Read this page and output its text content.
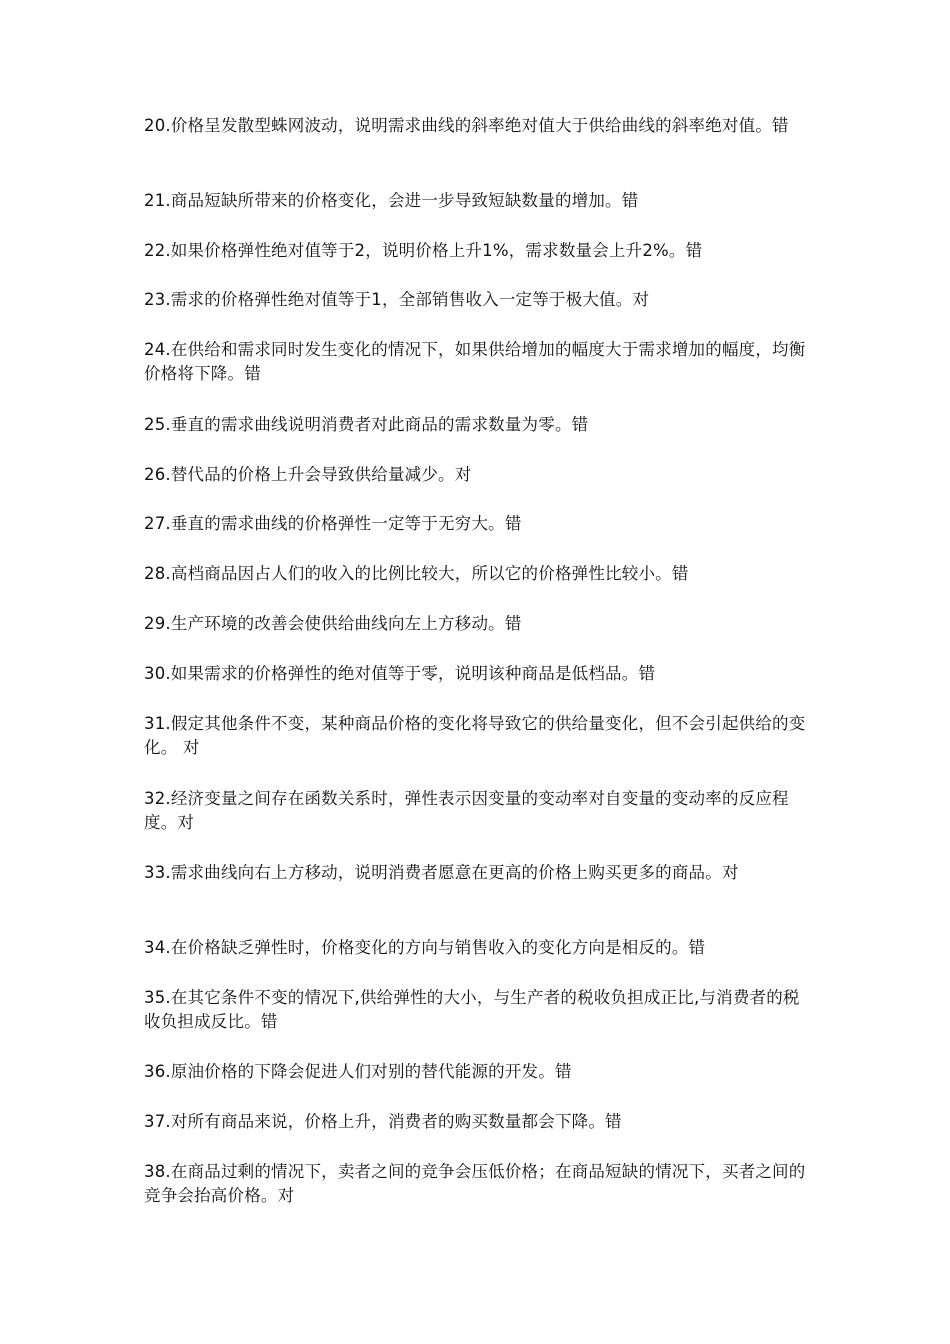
20.价格呈发散型蛛网波动，说明需求曲线的斜率绝对值大于供给曲线的斜率绝对值。错
21.商品短缺所带来的价格变化，会进一步导致短缺数量的增加。错
22.如果价格弹性绝对值等于2，说明价格上升1%，需求数量会上升2%。错
23.需求的价格弹性绝对值等于1，全部销售收入一定等于极大值。对
24.在供给和需求同时发生变化的情况下，如果供给增加的幅度大于需求增加的幅度，均衡价格将下降。错
25.垂直的需求曲线说明消费者对此商品的需求数量为零。错
26.替代品的价格上升会导致供给量减少。对
27.垂直的需求曲线的价格弹性一定等于无穷大。错
28.高档商品因占人们的收入的比例比较大，所以它的价格弹性比较小。错
29.生产环境的改善会使供给曲线向左上方移动。错
30.如果需求的价格弹性的绝对值等于零，说明该种商品是低档品。错
31.假定其他条件不变，某种商品价格的变化将导致它的供给量变化，但不会引起供给的变化。 对
32.经济变量之间存在函数关系时，弹性表示因变量的变动率对自变量的变动率的反应程度。对
33.需求曲线向右上方移动，说明消费者愿意在更高的价格上购买更多的商品。对
34.在价格缺乏弹性时，价格变化的方向与销售收入的变化方向是相反的。错
35.在其它条件不变的情况下,供给弹性的大小，与生产者的税收负担成正比,与消费者的税收负担成反比。错
36.原油价格的下降会促进人们对别的替代能源的开发。错
37.对所有商品来说，价格上升，消费者的购买数量都会下降。错
38.在商品过剩的情况下，卖者之间的竞争会压低价格；在商品短缺的情况下，买者之间的竞争会抬高价格。对
